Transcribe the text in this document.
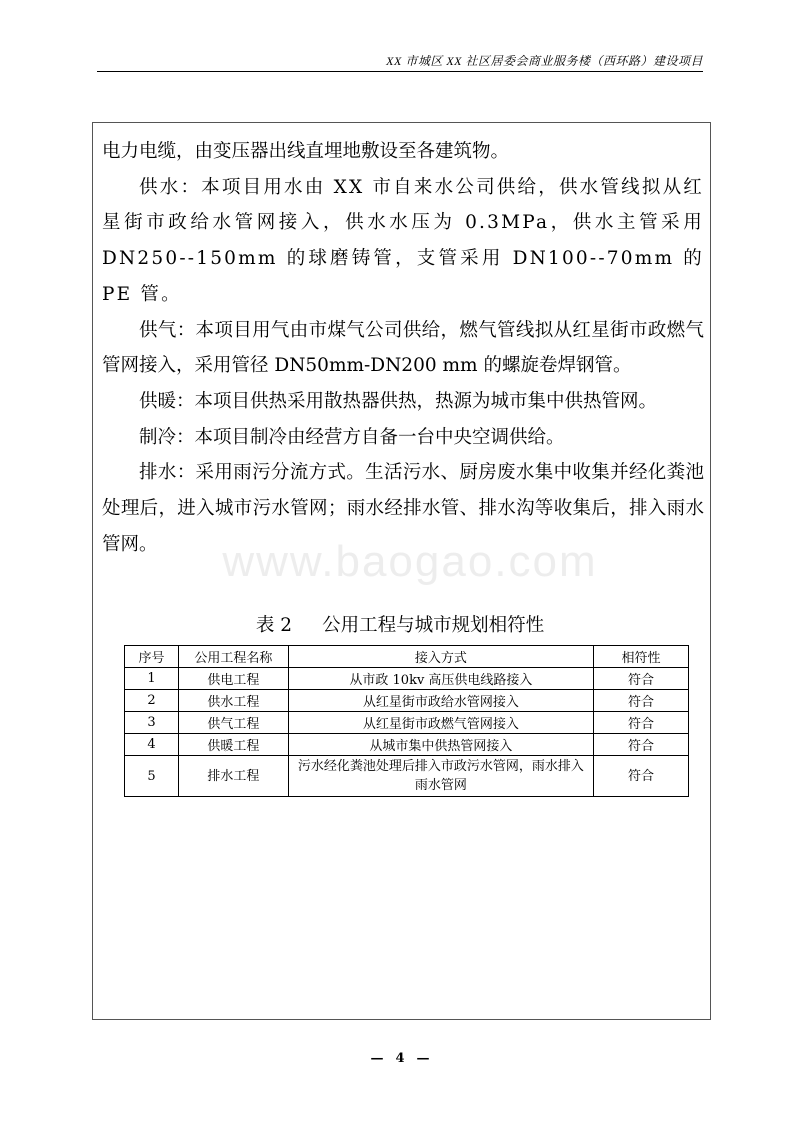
XX 市城区 XX 社区居委会商业服务楼（西环路）建设项目

电力电缆，由变压器出线直埋地敷设至各建筑物。

供水：本项目用水由 XX 市自来水公司供给，供水管线拟从红星街市政给水管网接入，供水水压为 0.3MPa，供水主管采用 DN250--150mm 的球磨铸管，支管采用 DN100--70mm 的 PE 管。

供气：本项目用气由市煤气公司供给，燃气管线拟从红星街市政燃气管网接入，采用管径 DN50mm-DN200 mm 的螺旋卷焊钢管。

供暖：本项目供热采用散热器供热，热源为城市集中供热管网。

制冷：本项目制冷由经营方自备一台中央空调供给。

排水：采用雨污分流方式。生活污水、厨房废水集中收集并经化粪池处理后，进入城市污水管网；雨水经排水管、排水沟等收集后，排入雨水管网。	www.baogao.com
表 2 公用工程与城市规划相符性
序号	公用工程名称	接入方式	相符性
1	供电工程	从市政 10kv 高压供电线路接入	符合
2	供水工程	从红星街市政给水管网接入	符合
3	供气工程	从红星街市政燃气管网接入	符合
4	供暖工程	从城市集中供热管网接入	符合
5	排水工程	污水经化粪池处理后排入市政污水管网，雨水排入雨水管网	符合
— 4 —
